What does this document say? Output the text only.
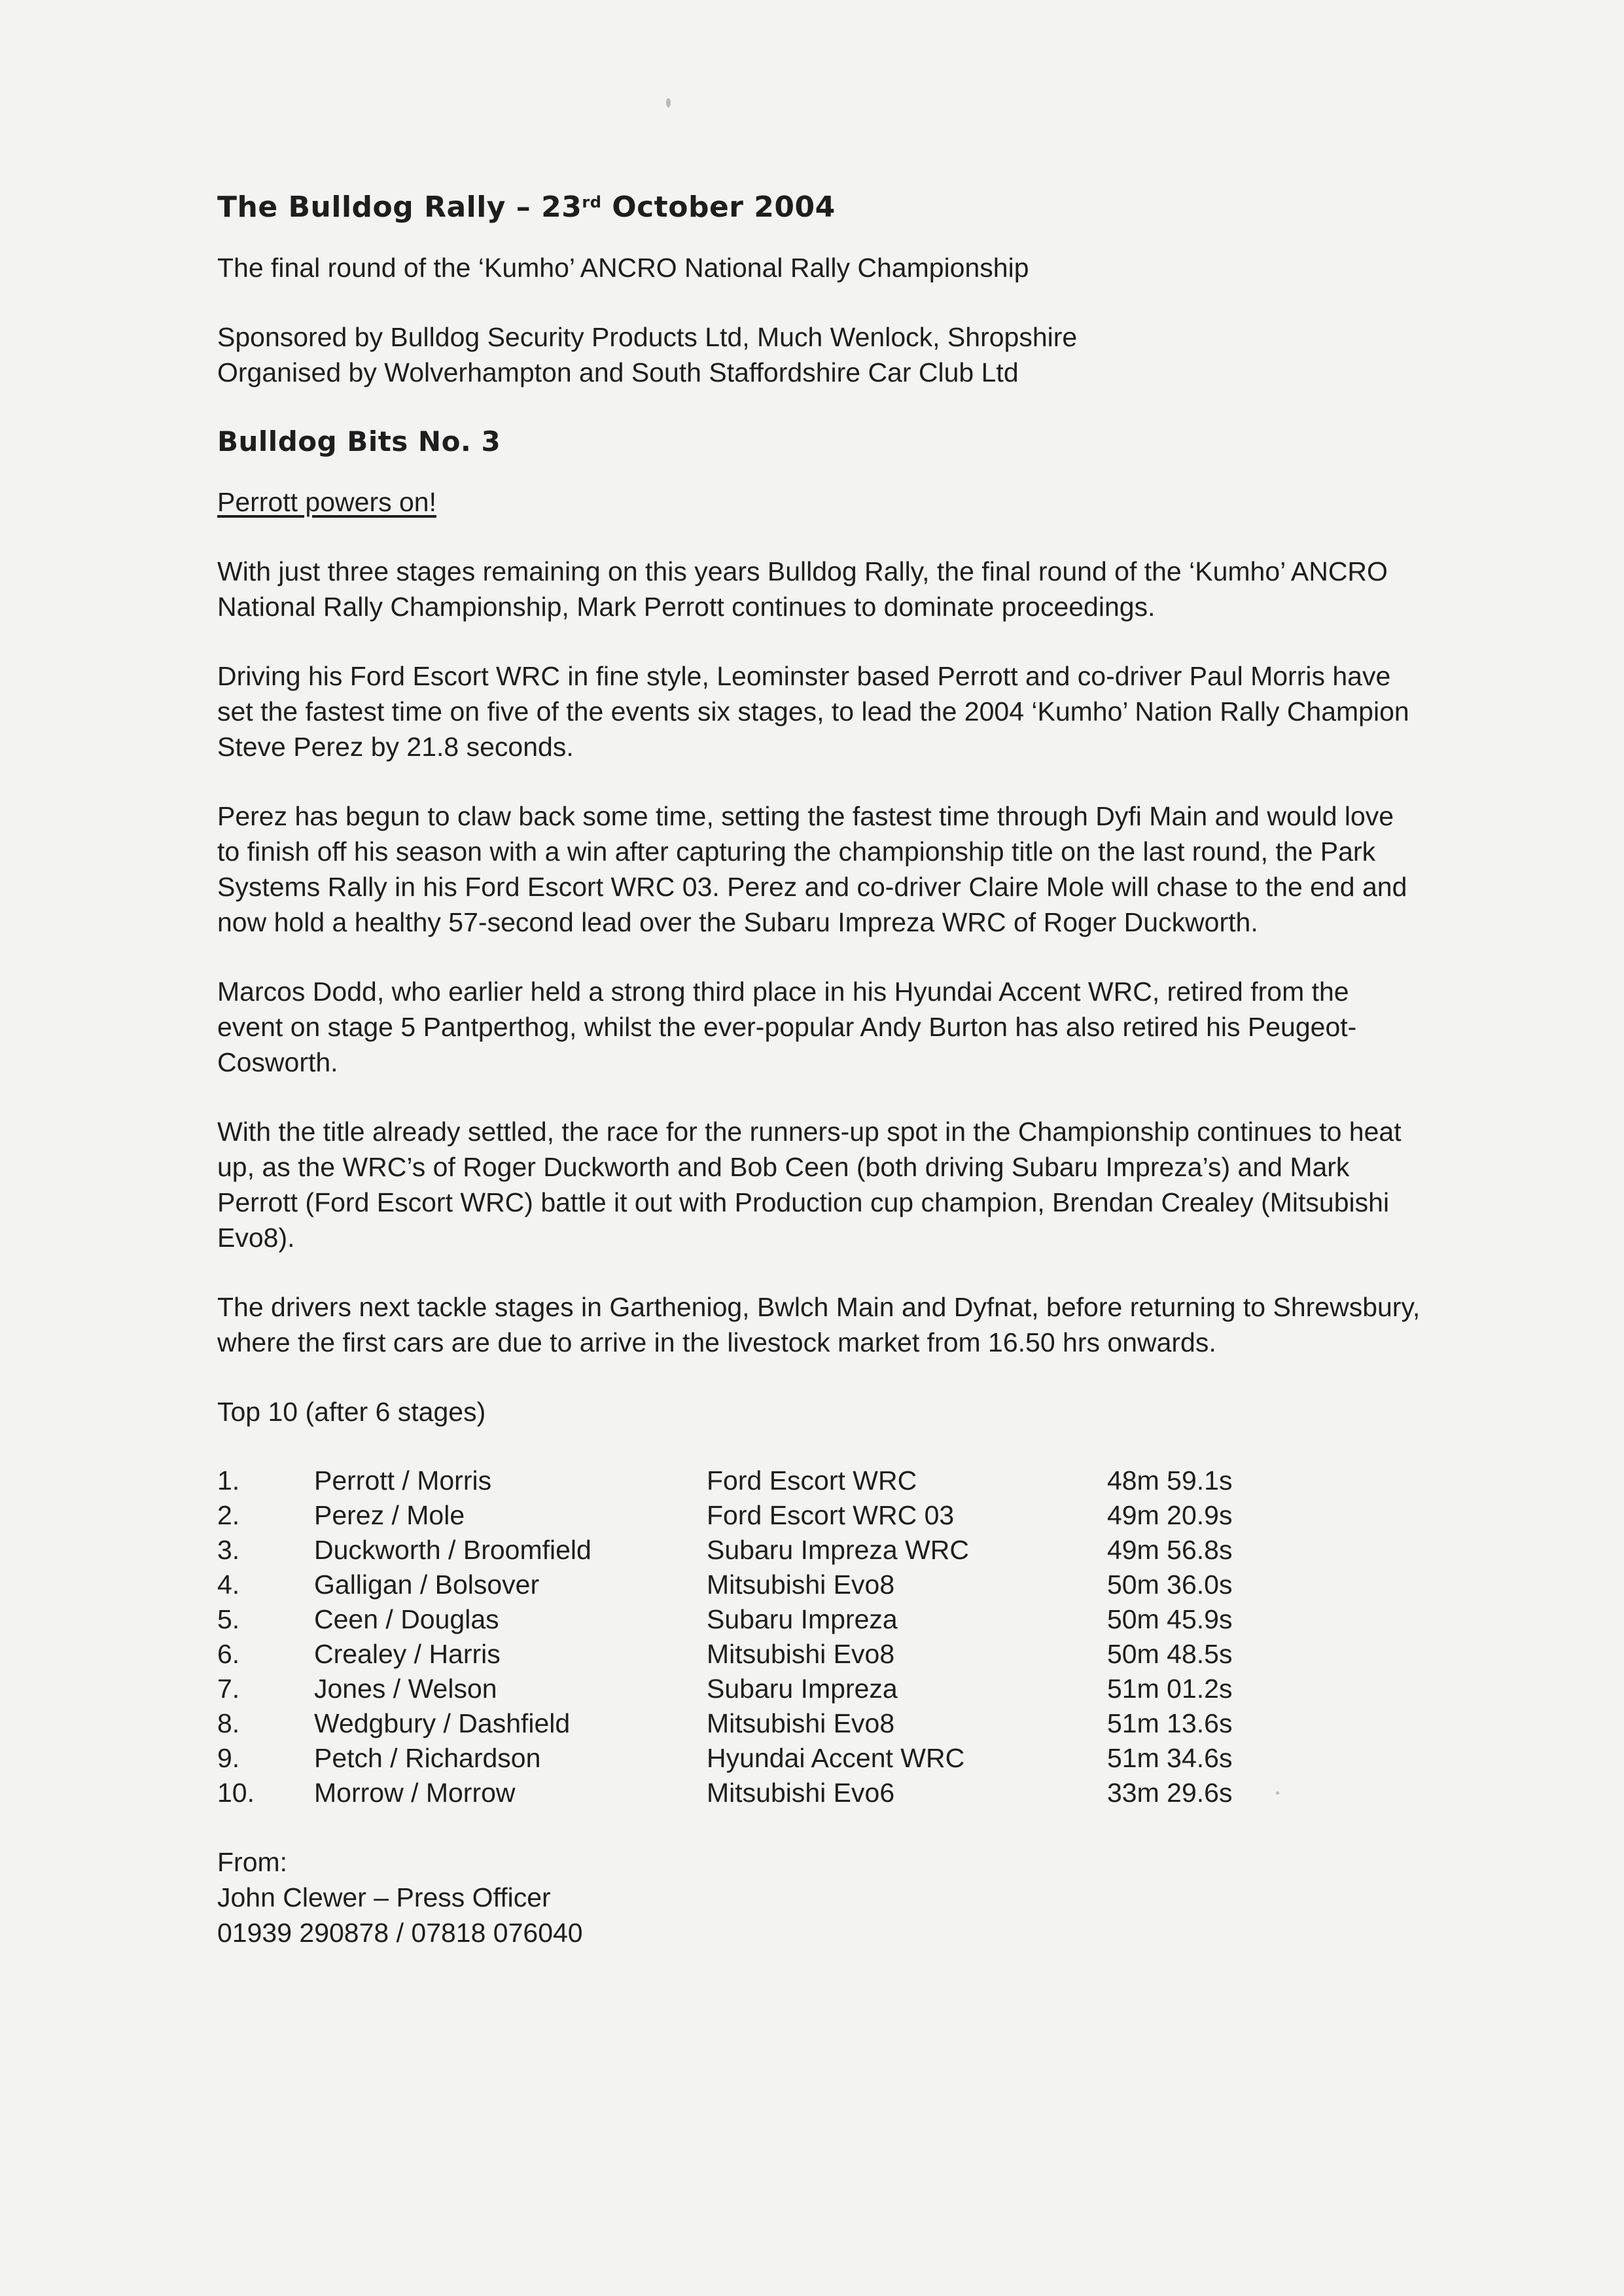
The Bulldog Rally – 23rd October 2004

The final round of the ‘Kumho’ ANCRO National Rally Championship

Sponsored by Bulldog Security Products Ltd, Much Wenlock, Shropshire
Organised by Wolverhampton and South Staffordshire Car Club Ltd

Bulldog Bits No. 3

Perrott powers on!

With just three stages remaining on this years Bulldog Rally, the final round of the ‘Kumho’ ANCRO National Rally Championship, Mark Perrott continues to dominate proceedings.

Driving his Ford Escort WRC in fine style, Leominster based Perrott and co-driver Paul Morris have set the fastest time on five of the events six stages, to lead the 2004 ‘Kumho’ Nation Rally Champion Steve Perez by 21.8 seconds.

Perez has begun to claw back some time, setting the fastest time through Dyfi Main and would love to finish off his season with a win after capturing the championship title on the last round, the Park Systems Rally in his Ford Escort WRC 03. Perez and co-driver Claire Mole will chase to the end and now hold a healthy 57-second lead over the Subaru Impreza WRC of Roger Duckworth.

Marcos Dodd, who earlier held a strong third place in his Hyundai Accent WRC, retired from the event on stage 5 Pantperthog, whilst the ever-popular Andy Burton has also retired his Peugeot-Cosworth.

With the title already settled, the race for the runners-up spot in the Championship continues to heat up, as the WRC’s of Roger Duckworth and Bob Ceen (both driving Subaru Impreza’s) and Mark Perrott (Ford Escort WRC) battle it out with Production cup champion, Brendan Crealey (Mitsubishi Evo8).

The drivers next tackle stages in Gartheniog, Bwlch Main and Dyfnat, before returning to Shrewsbury, where the first cars are due to arrive in the livestock market from 16.50 hrs onwards.

Top 10 (after 6 stages)

1.	Perrott / Morris	Ford Escort WRC	48m 59.1s
2.	Perez / Mole	Ford Escort WRC 03	49m 20.9s
3.	Duckworth / Broomfield	Subaru Impreza WRC	49m 56.8s
4.	Galligan / Bolsover	Mitsubishi Evo8	50m 36.0s
5.	Ceen / Douglas	Subaru Impreza	50m 45.9s
6.	Crealey / Harris	Mitsubishi Evo8	50m 48.5s
7.	Jones / Welson	Subaru Impreza	51m 01.2s
8.	Wedgbury / Dashfield	Mitsubishi Evo8	51m 13.6s
9.	Petch / Richardson	Hyundai Accent WRC	51m 34.6s
10.	Morrow / Morrow	Mitsubishi Evo6	33m 29.6s
From:
John Clewer – Press Officer
01939 290878 / 07818 076040
